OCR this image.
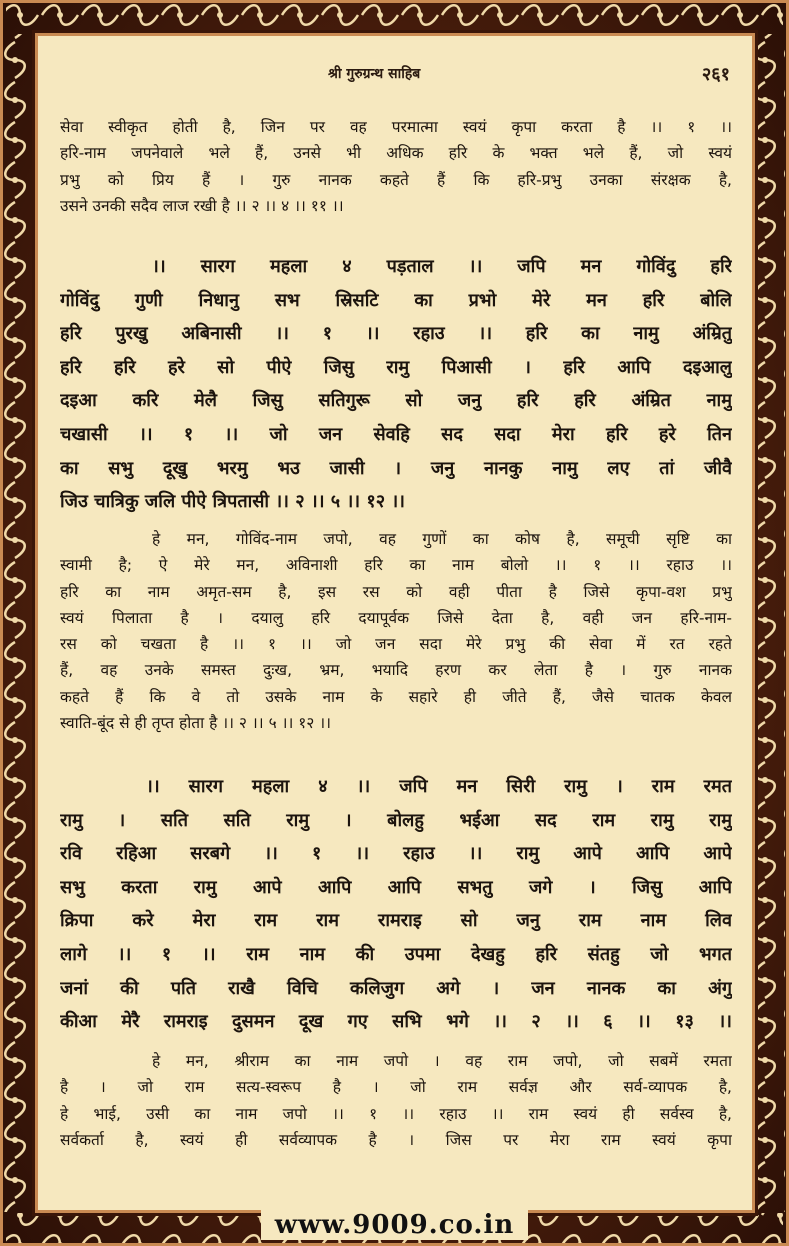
श्री गुरुग्रन्थ साहिब	२६१
सेवा स्वीकृत होती है, जिन पर वह परमात्मा स्वयं कृपा करता है ।। १ ।।
हरि-नाम जपनेवाले भले हैं, उनसे भी अधिक हरि के भक्त भले हैं, जो स्वयं
प्रभु को प्रिय हैं । गुरु नानक कहते हैं कि हरि-प्रभु उनका संरक्षक है,
उसने उनकी सदैव लाज रखी है ।। २ ।। ४ ।। ११ ।।
।। सारग महला ४ पड़ताल ।। जपि मन गोविंदु हरि
गोविंदु गुणी निधानु सभ स्रिसटि का प्रभो मेरे मन हरि बोलि
हरि पुरखु अबिनासी ।। १ ।। रहाउ ।। हरि का नामु अंम्रितु
हरि हरि हरे सो पीऐ जिसु रामु पिआसी । हरि आपि दइआलु
दइआ करि मेलै जिसु सतिगुरू सो जनु हरि हरि अंम्रित नामु
चखासी ।। १ ।। जो जन सेवहि सद सदा मेरा हरि हरे तिन
का सभु दूखु भरमु भउ जासी । जनु नानकु नामु लए तां जीवै
जिउ चात्रिकु जलि पीऐ त्रिपतासी ।। २ ।। ५ ।। १२ ।।
हे मन, गोविंद-नाम जपो, वह गुणों का कोष है, समूची सृष्टि का
स्वामी है; ऐ मेरे मन, अविनाशी हरि का नाम बोलो ।। १ ।। रहाउ ।।
हरि का नाम अमृत-सम है, इस रस को वही पीता है जिसे कृपा-वश प्रभु
स्वयं पिलाता है । दयालु हरि दयापूर्वक जिसे देता है, वही जन हरि-नाम-
रस को चखता है ।। १ ।। जो जन सदा मेरे प्रभु की सेवा में रत रहते
हैं, वह उनके समस्त दुःख, भ्रम, भयादि हरण कर लेता है । गुरु नानक
कहते हैं कि वे तो उसके नाम के सहारे ही जीते हैं, जैसे चातक केवल
स्वाति-बूंद से ही तृप्त होता है ।। २ ।। ५ ।। १२ ।।
।। सारग महला ४ ।। जपि मन सिरी रामु । राम रमत
रामु । सति सति रामु । बोलहु भईआ सद राम रामु रामु
रवि रहिआ सरबगे ।। १ ।। रहाउ ।। रामु आपे आपि आपे
सभु करता रामु आपे आपि आपि सभतु जगे । जिसु आपि
क्रिपा करे मेरा राम राम रामराइ सो जनु राम नाम लिव
लागे ।। १ ।। राम नाम की उपमा देखहु हरि संतहु जो भगत
जनां की पति राखै विचि कलिजुग अगे । जन नानक का अंगु
कीआ मेरै रामराइ दुसमन दूख गए सभि भगे ।। २ ।। ६ ।। १३ ।।
हे मन, श्रीराम का नाम जपो । वह राम जपो, जो सबमें रमता
है । जो राम सत्य-स्वरूप है । जो राम सर्वज्ञ और सर्व-व्यापक है,
हे भाई, उसी का नाम जपो ।। १ ।। रहाउ ।। राम स्वयं ही सर्वस्व है,
सर्वकर्ता है, स्वयं ही सर्वव्यापक है । जिस पर मेरा राम स्वयं कृपा
www.9009.co.in
